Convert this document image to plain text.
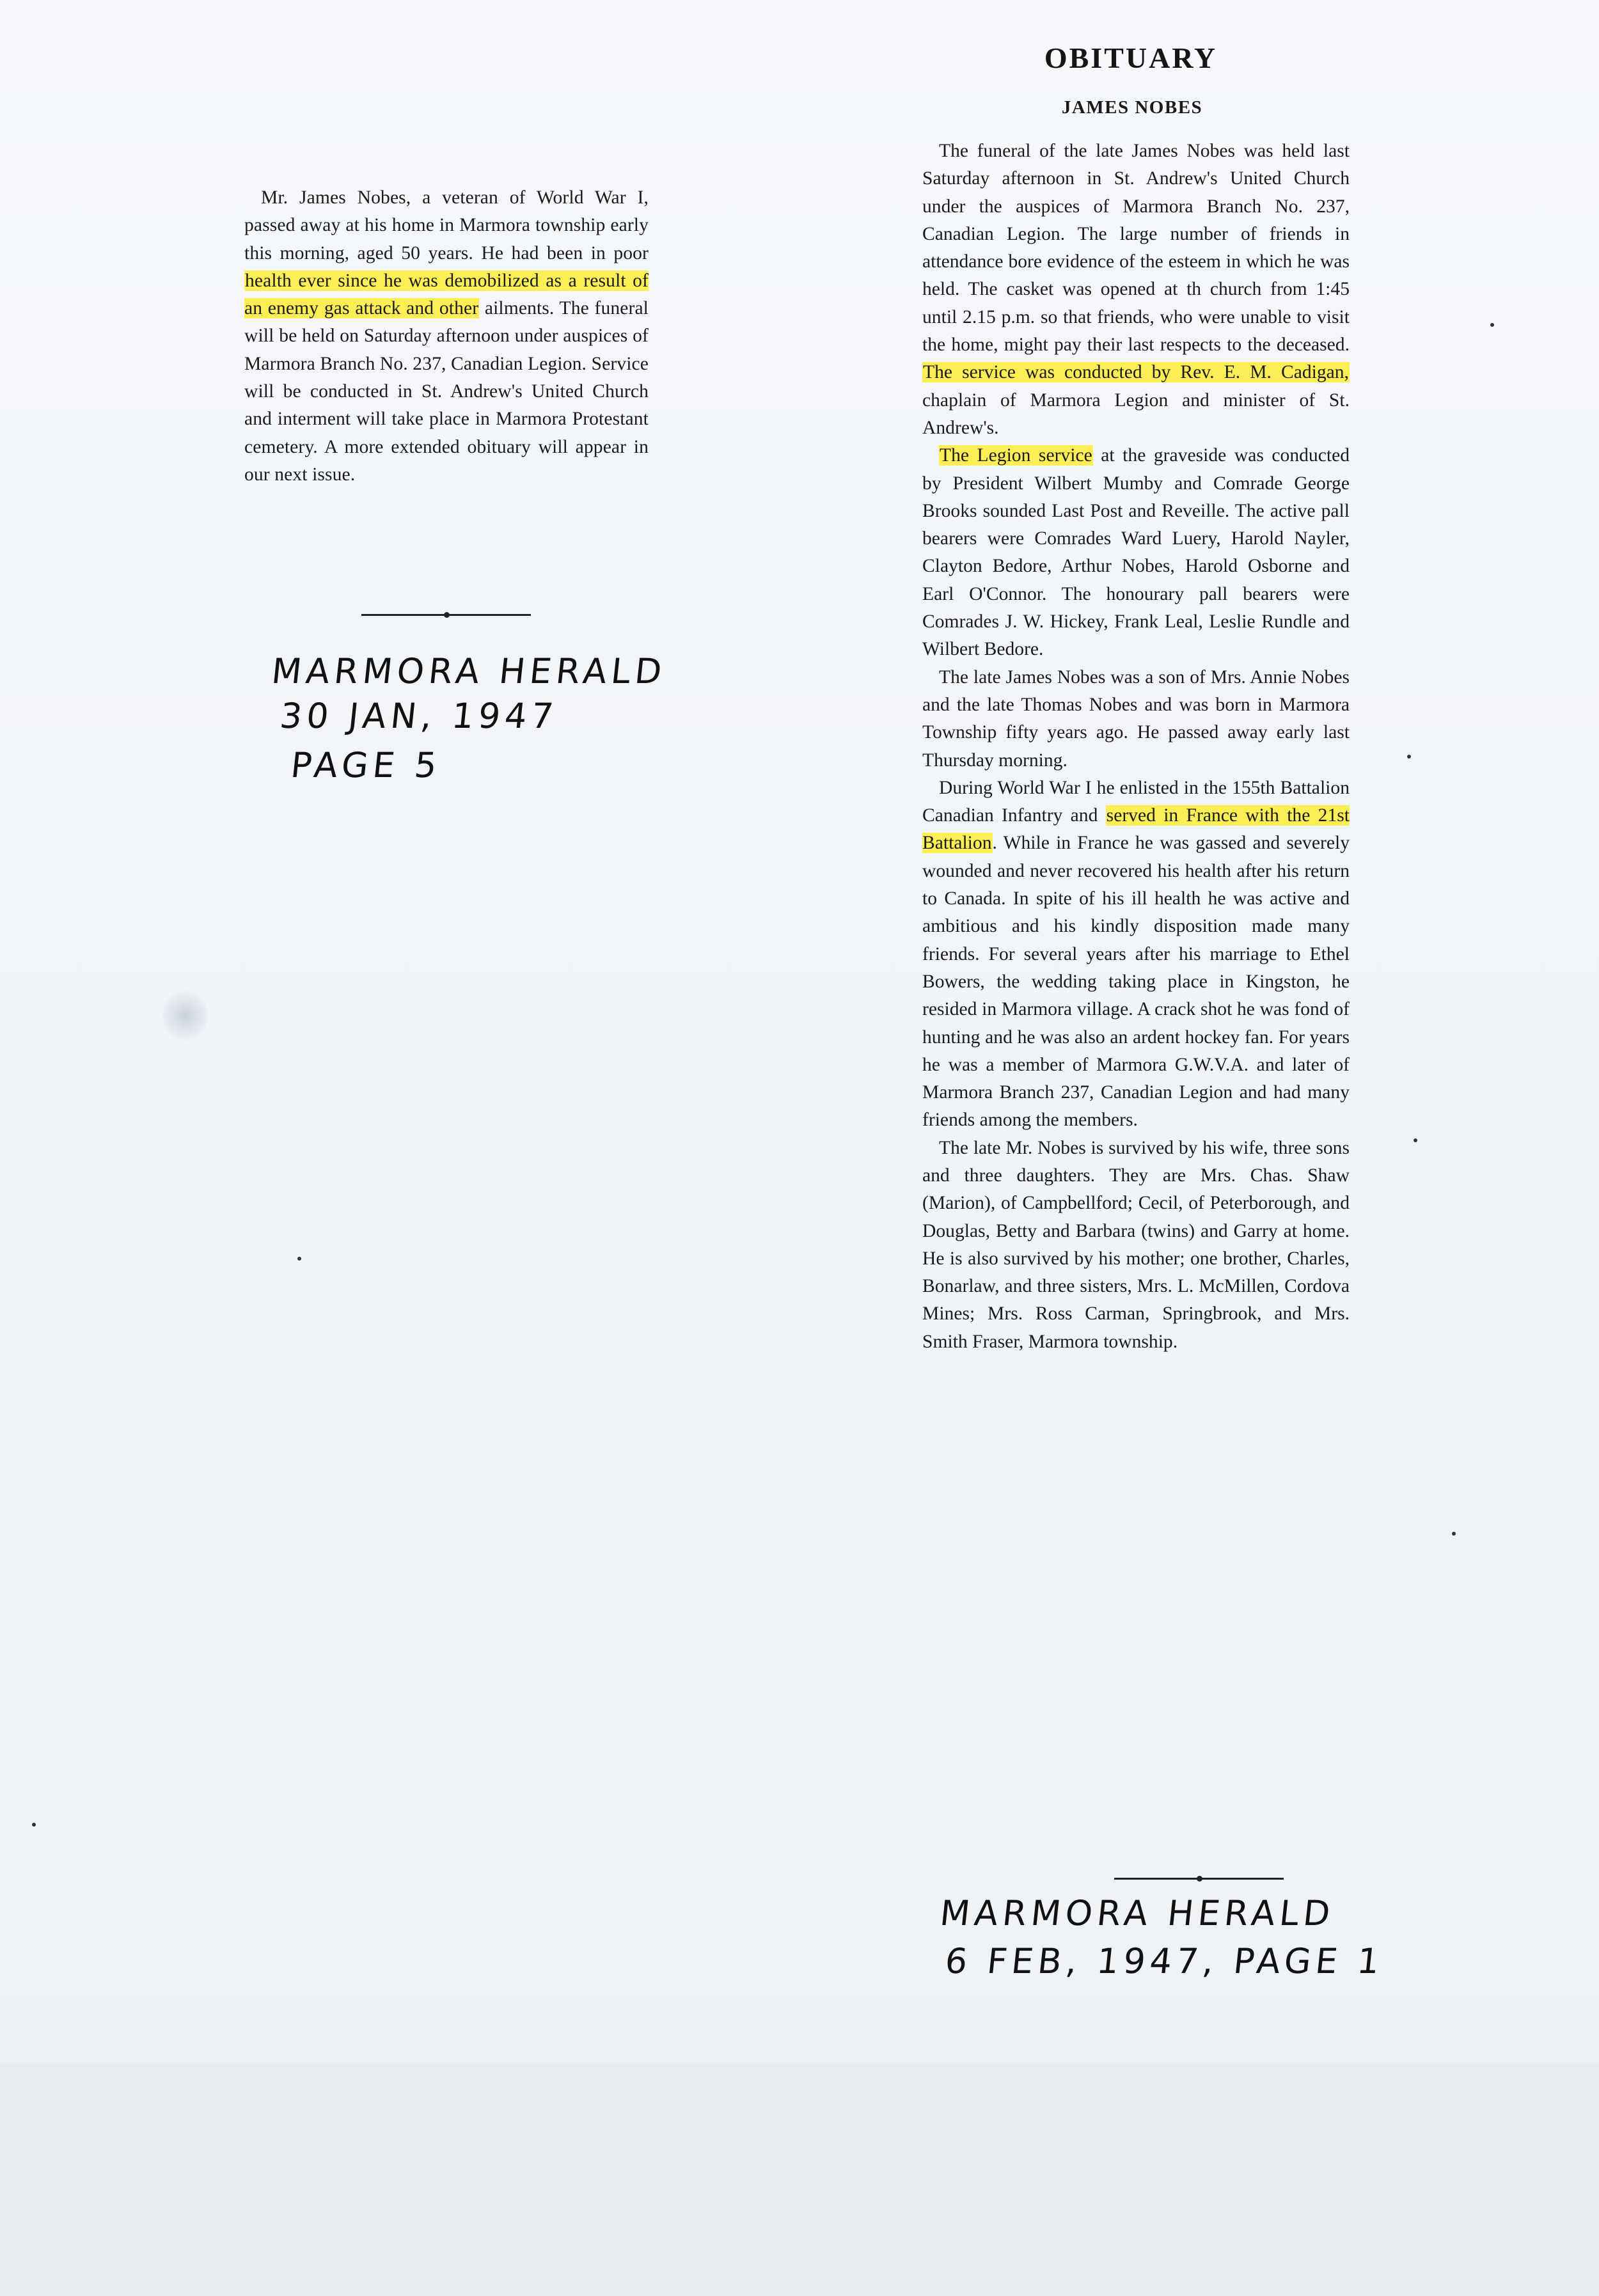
Mr. James Nobes, a veteran of World War I, passed away at his home in Marmora township early this morning, aged 50 years. He had been in poor health ever since he was demobilized as a result of an enemy gas attack and other ailments. The funeral will be held on Saturday afternoon under auspices of Marmora Branch No. 237, Canadian Legion. Service will be conducted in St. Andrew's United Church and interment will take place in Marmora Protestant cemetery. A more extended obituary will appear in our next issue.

MARMORA HERALD
30 JAN, 1947
PAGE 5
OBITUARY
JAMES NOBES

The funeral of the late James Nobes was held last Saturday afternoon in St. Andrew's United Church under the auspices of Marmora Branch No. 237, Canadian Legion. The large number of friends in attendance bore evidence of the esteem in which he was held. The casket was opened at th church from 1:45 until 2.15 p.m. so that friends, who were unable to visit the home, might pay their last respects to the deceased. The service was conducted by Rev. E. M. Cadigan, chaplain of Marmora Legion and minister of St. Andrew's.

The Legion service at the graveside was conducted by President Wilbert Mumby and Comrade George Brooks sounded Last Post and Reveille. The active pall bearers were Comrades Ward Luery, Harold Nayler, Clayton Bedore, Arthur Nobes, Harold Osborne and Earl O'Connor. The honourary pall bearers were Comrades J. W. Hickey, Frank Leal, Leslie Rundle and Wilbert Bedore.

The late James Nobes was a son of Mrs. Annie Nobes and the late Thomas Nobes and was born in Marmora Township fifty years ago. He passed away early last Thursday morning.

During World War I he enlisted in the 155th Battalion Canadian Infantry and served in France with the 21st Battalion. While in France he was gassed and severely wounded and never recovered his health after his return to Canada. In spite of his ill health he was active and ambitious and his kindly disposition made many friends. For several years after his marriage to Ethel Bowers, the wedding taking place in Kingston, he resided in Marmora village. A crack shot he was fond of hunting and he was also an ardent hockey fan. For years he was a member of Marmora G.W.V.A. and later of Marmora Branch 237, Canadian Legion and had many friends among the members.

The late Mr. Nobes is survived by his wife, three sons and three daughters. They are Mrs. Chas. Shaw (Marion), of Campbellford; Cecil, of Peterborough, and Douglas, Betty and Barbara (twins) and Garry at home. He is also survived by his mother; one brother, Charles, Bonarlaw, and three sisters, Mrs. L. McMillen, Cordova Mines; Mrs. Ross Carman, Springbrook, and Mrs. Smith Fraser, Marmora township.

MARMORA HERALD
6 FEB, 1947, PAGE 1
